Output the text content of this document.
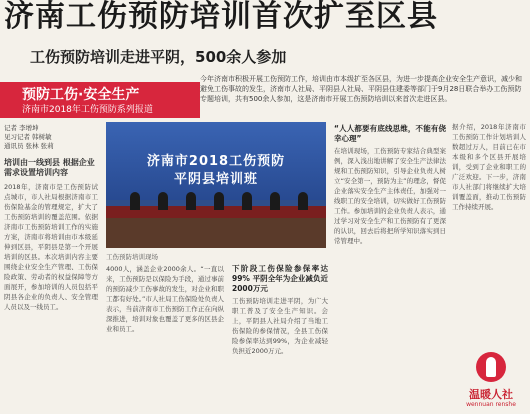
济南工伤预防培训首次扩至区县
工伤预防培训走进平阴，500余人参加
预防工伤·安全生产
济南市2018年工伤预防系列报道
今年济南市积极开展工伤预防工作，培训由市本级扩至各区县，为进一步提高企业安全生产意识，减少和避免工伤事故的发生，济南市人社局、平阴县人社局、平阴县住建委等部门于9月28日联合举办工伤预防专题培训，共有500余人参加，这是济南市开展工伤预防培训以来首次走进区县。
记者 李增坤
见习记者 韩树敏
通讯员 张林 张莉
培训由一线到县 根据企业需求设置培训内容
2018年，济南市是工伤预防试点城市，市人社局根据济南市工伤保险基金的管理规定，扩大了工伤预防培训的覆盖范围。依据济南市工伤预防培训工作的实施方案，济南市将培训由市本级延伸到区县，平阴县是第一个开展培训的区县。本次培训内容主要围绕企业安全生产管理、工伤保险政策、劳动者的权益保障等方面展开，参加培训的人员包括平阴县各企业的负责人、安全管理人员以及一线员工。
济南市2018工伤预防
平阴县培训班
工伤预防培训现场
4000人，涵盖企业2000余人。“一直以来，工伤预防是以保险为手段，通过事前的预防减少工伤事故的发生，对企业和职工都有好处。”市人社局工伤保险处负责人表示，当前济南市工伤预防工作正在向纵深推进，培训对象也覆盖了更多的区县企业和员工。
下阶段工伤保险参保率达99% 平阴全年为企业减负近2000万元
工伤预防培训走进平阴，为广大职工普及了安全生产知识。会上，平阴县人社局介绍了当地工伤保险的参保情况，全县工伤保险参保率达到99%，为企业减轻负担近2000万元。
“人人都要有底线思维，不能有侥幸心理”
在培训现场，工伤预防专家结合典型案例，深入浅出地讲解了安全生产法律法规和工伤预防知识，引导企业负责人树立“安全第一，预防为主”的理念，督促企业落实安全生产主体责任，加强对一线职工的安全培训，切实做好工伤预防工作。参加培训的企业负责人表示，通过学习对安全生产和工伤预防有了更深的认识，回去后将把所学知识落实到日常管理中。
据介绍，2018年济南市工伤预防工作计划培训人数超过万人，目前已在市本级和多个区县开展培训，受到了企业和职工的广泛欢迎。下一步，济南市人社部门将继续扩大培训覆盖面，推动工伤预防工作持续开展。
温暖人社
wennuan renshe
